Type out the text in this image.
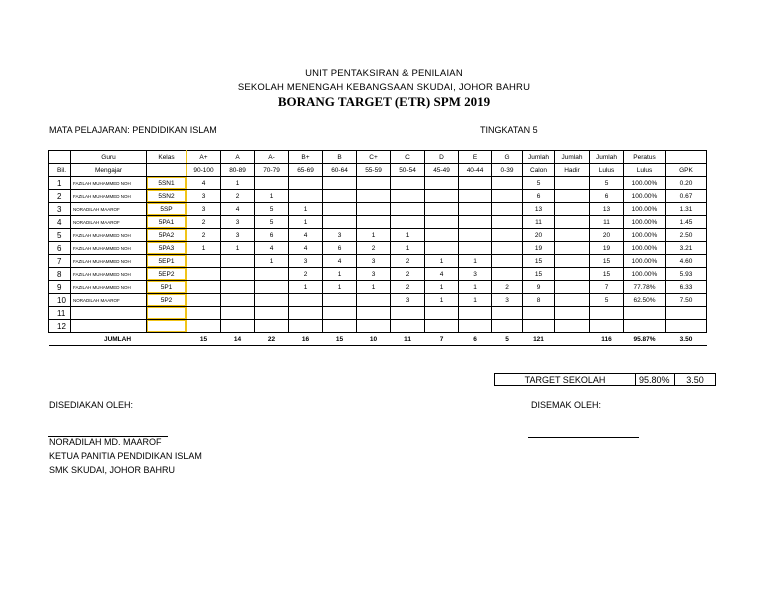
UNIT PENTAKSIRAN & PENILAIAN
SEKOLAH MENENGAH KEBANGSAAN SKUDAI, JOHOR BAHRU
BORANG TARGET (ETR) SPM 2019
MATA PELAJARAN: PENDIDIKAN ISLAM	TINGKATAN 5
	Guru	Kelas	A+	A	A-	B+	B	C+	C	D	E	G	Jumlah	Jumlah	Jumlah	Peratus	
Bil.	Mengajar		90-100	80-89	70-79	65-69	60-64	55-59	50-54	45-49	40-44	0-39	Calon	Hadir	Lulus	Lulus	GPK
1	FAZILAH MUHAMMED NOH	5SN1	4	1									5		5	100.00%	0.20
2	FAZILAH MUHAMMED NOH	5SN2	3	2	1								6		6	100.00%	0.67
3	NORADILAH MAAROF	5SP	3	4	5	1							13		13	100.00%	1.31
4	NORADILAH MAAROF	5PA1	2	3	5	1							11		11	100.00%	1.45
5	FAZILAH MUHAMMED NOH	5PA2	2	3	6	4	3	1	1				20		20	100.00%	2.50
6	FAZILAH MUHAMMED NOH	5PA3	1	1	4	4	6	2	1				19		19	100.00%	3.21
7	FAZILAH MUHAMMED NOH	5EP1			1	3	4	3	2	1	1		15		15	100.00%	4.60
8	FAZILAH MUHAMMED NOH	5EP2				2	1	3	2	4	3		15		15	100.00%	5.93
9	FAZILAH MUHAMMED NOH	5P1				1	1	1	2	1	1	2	9		7	77.78%	6.33
10	NORADILAH MAAROF	5P2							3	1	1	3	8		5	62.50%	7.50
11																	
12																	
JUMLAH			15	14	22	16	15	10	11	7	6	5	121		116	95.87%	3.50
TARGET SEKOLAH	95.80%	3.50
DISEDIAKAN OLEH:	DISEMAK OLEH:
NORADILAH MD. MAAROF
KETUA PANITIA PENDIDIKAN ISLAM
SMK SKUDAI, JOHOR BAHRU
